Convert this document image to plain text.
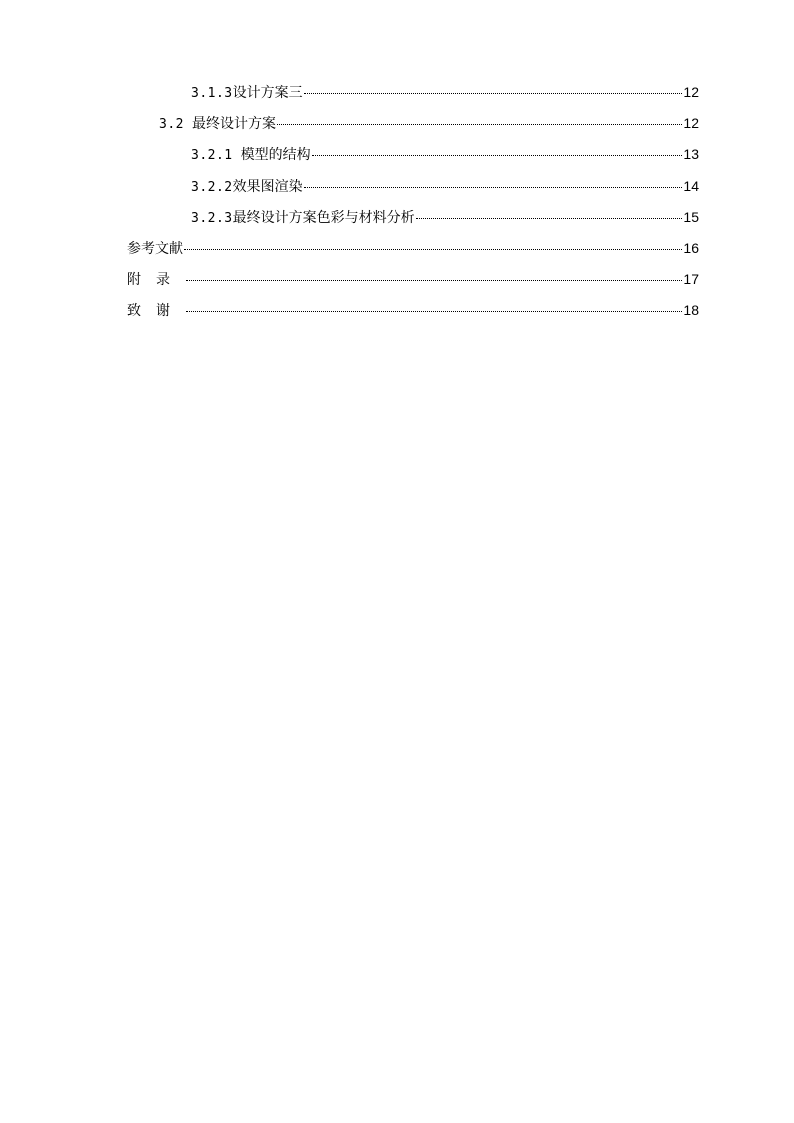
3.1.3 设计方案三	12
3.2 最终设计方案	12
3.2.1 模型的结构	13
3.2.2 效果图渲染	14
3.2.3 最终设计方案色彩与材料分析	15
参考文献	16
附录	17
致谢	18
